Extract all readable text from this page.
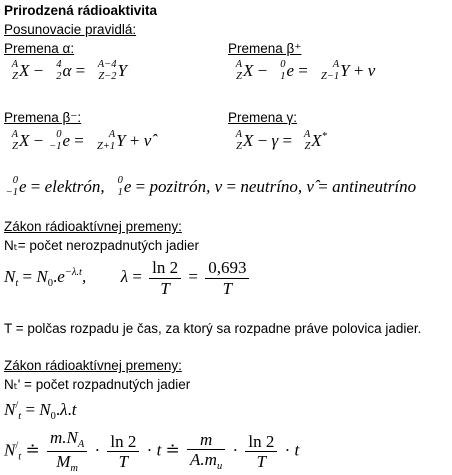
Prirodzená rádioaktivita
Posunovacie pravidlá:
Premena α:
A
Z X − 4
2 α = A−4
Z−2 Y
Premena β⁺
A
Z X − 0
1 e = A
Z−1 Y + ν
Premena β⁻:
A
Z X − 0
−1 e = A
Z+1 Y + ν̂
Premena γ:
A
Z X − γ = A
Z X*
0
−1 e = elektrón, 0
1 e = pozitrón, ν = neutríno, ν̂ = antineutríno
Zákon rádioaktívnej premeny:
Nₜ= počet nerozpadnutých jadier
$N_t = N_0.e^{-\lambda.t}$,  $\lambda = \frac{\ln 2}{T} = \frac{0,693}{T}$
T = polčas rozpadu je čas, za ktorý sa rozpadne práve polovica jadier.
Zákon rádioaktívnej premeny:
Nₜ' = počet rozpadnutých jadier
$N^/_t = N_0.\lambda.t$
$N^/_t$ ≐ $\frac{m.N_A}{M_m} \cdot \frac{\ln 2}{T} \cdot t$ ≐ $\frac{m}{A.m_u} \cdot \frac{\ln 2}{T} \cdot t$
